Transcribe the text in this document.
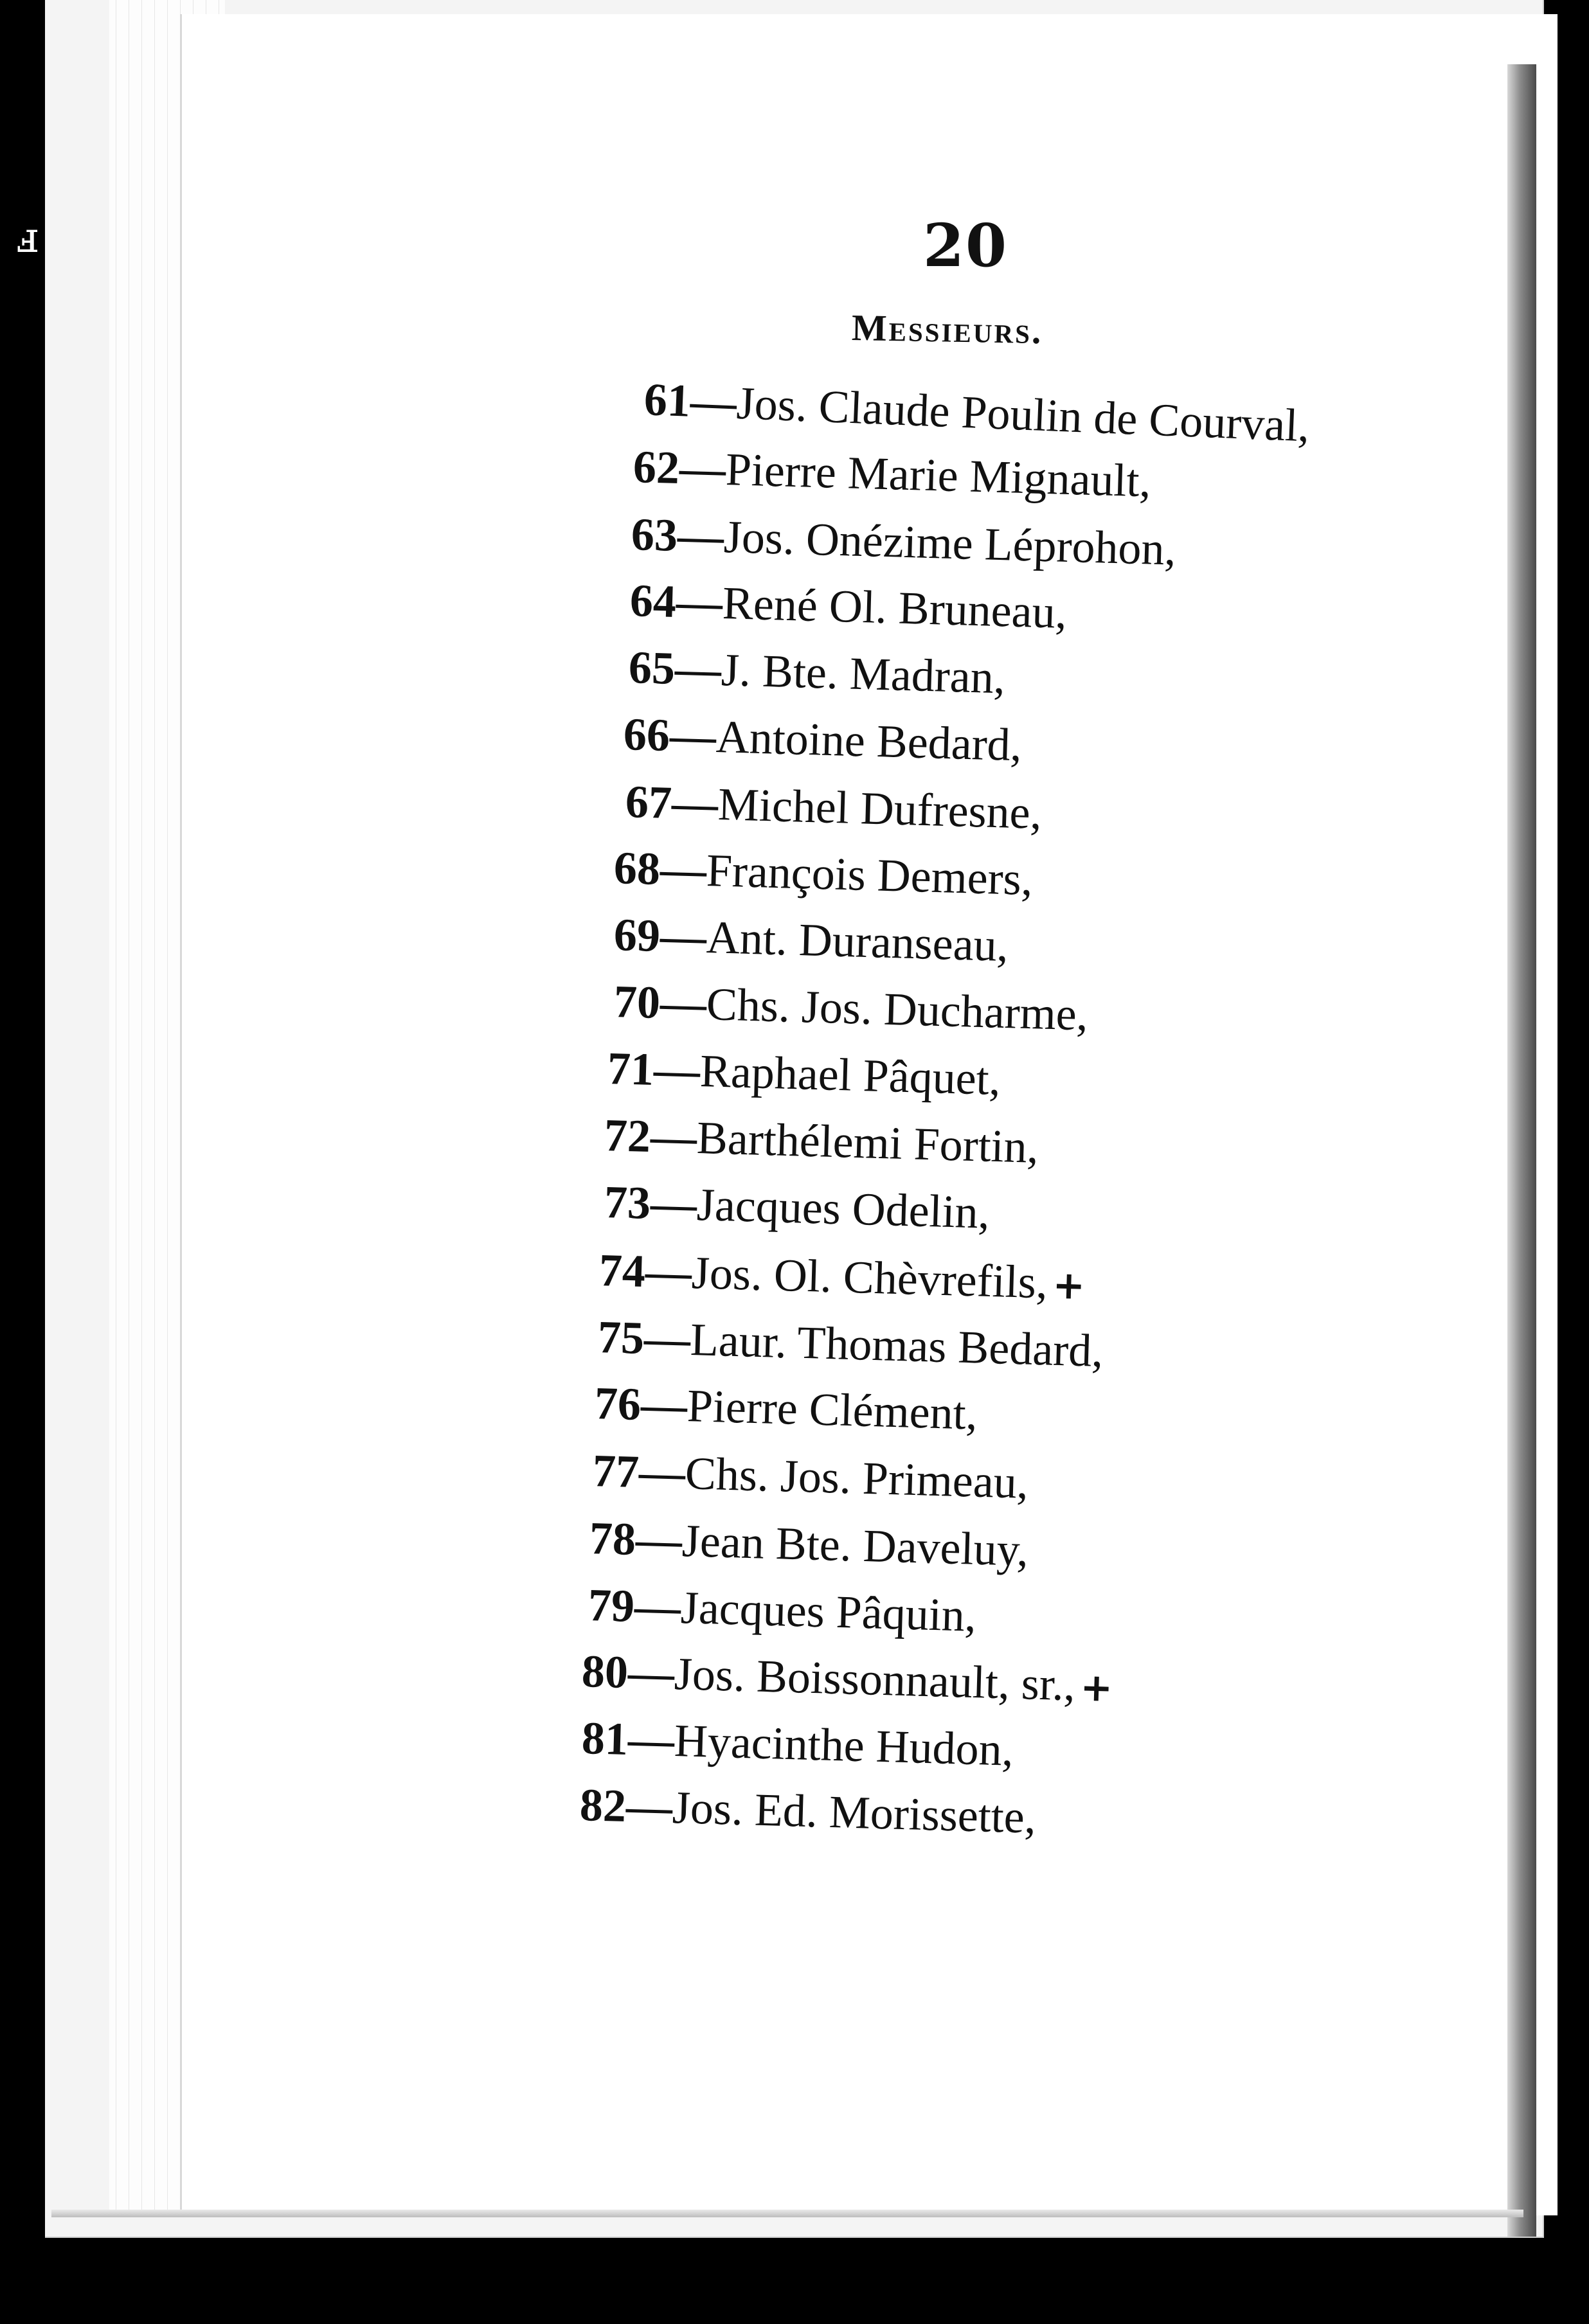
ⅎ	20
Messieurs.
61—Jos. Claude Poulin de Courval,
62—Pierre Marie Mignault,
63—Jos. Onézime Léprohon,
64—René Ol. Bruneau,
65—J. Bte. Madran,
66—Antoine Bedard,
67—Michel Dufresne,
68—François Demers,
69—Ant. Duranseau,
70—Chs. Jos. Ducharme,
71—Raphael Pâquet,
72—Barthélemi Fortin,
73—Jacques Odelin,
74—Jos. Ol. Chèvrefils,+
75—Laur. Thomas Bedard,
76—Pierre Clément,
77—Chs. Jos. Primeau,
78—Jean Bte. Daveluy,
79—Jacques Pâquin,
80—Jos. Boissonnault, sr.,+
81—Hyacinthe Hudon,
82—Jos. Ed. Morissette,
